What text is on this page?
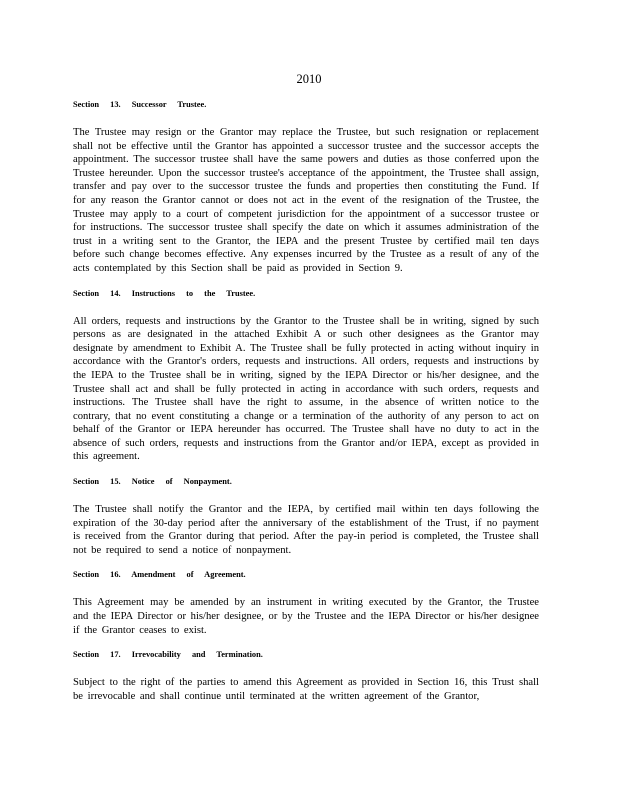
2010
Section 13. Successor Trustee.

The Trustee may resign or the Grantor may replace the Trustee, but such resignation or replacement shall not be effective until the Grantor has appointed a successor trustee and the successor accepts the appointment. The successor trustee shall have the same powers and duties as those conferred upon the Trustee hereunder. Upon the successor trustee's acceptance of the appointment, the Trustee shall assign, transfer and pay over to the successor trustee the funds and properties then constituting the Fund. If for any reason the Grantor cannot or does not act in the event of the resignation of the Trustee, the Trustee may apply to a court of competent jurisdiction for the appointment of a successor trustee or for instructions. The successor trustee shall specify the date on which it assumes administration of the trust in a writing sent to the Grantor, the IEPA and the present Trustee by certified mail ten days before such change becomes effective. Any expenses incurred by the Trustee as a result of any of the acts contemplated by this Section shall be paid as provided in Section 9.

Section 14. Instructions to the Trustee.

All orders, requests and instructions by the Grantor to the Trustee shall be in writing, signed by such persons as are designated in the attached Exhibit A or such other designees as the Grantor may designate by amendment to Exhibit A. The Trustee shall be fully protected in acting without inquiry in accordance with the Grantor's orders, requests and instructions. All orders, requests and instructions by the IEPA to the Trustee shall be in writing, signed by the IEPA Director or his/her designee, and the Trustee shall act and shall be fully protected in acting in accordance with such orders, requests and instructions. The Trustee shall have the right to assume, in the absence of written notice to the contrary, that no event constituting a change or a termination of the authority of any person to act on behalf of the Grantor or IEPA hereunder has occurred. The Trustee shall have no duty to act in the absence of such orders, requests and instructions from the Grantor and/or IEPA, except as provided in this agreement.

Section 15. Notice of Nonpayment.

The Trustee shall notify the Grantor and the IEPA, by certified mail within ten days following the expiration of the 30-day period after the anniversary of the establishment of the Trust, if no payment is received from the Grantor during that period. After the pay-in period is completed, the Trustee shall not be required to send a notice of nonpayment.

Section 16. Amendment of Agreement.

This Agreement may be amended by an instrument in writing executed by the Grantor, the Trustee and the IEPA Director or his/her designee, or by the Trustee and the IEPA Director or his/her designee if the Grantor ceases to exist.

Section 17. Irrevocability and Termination.

Subject to the right of the parties to amend this Agreement as provided in Section 16, this Trust shall be irrevocable and shall continue until terminated at the written agreement of the Grantor,
